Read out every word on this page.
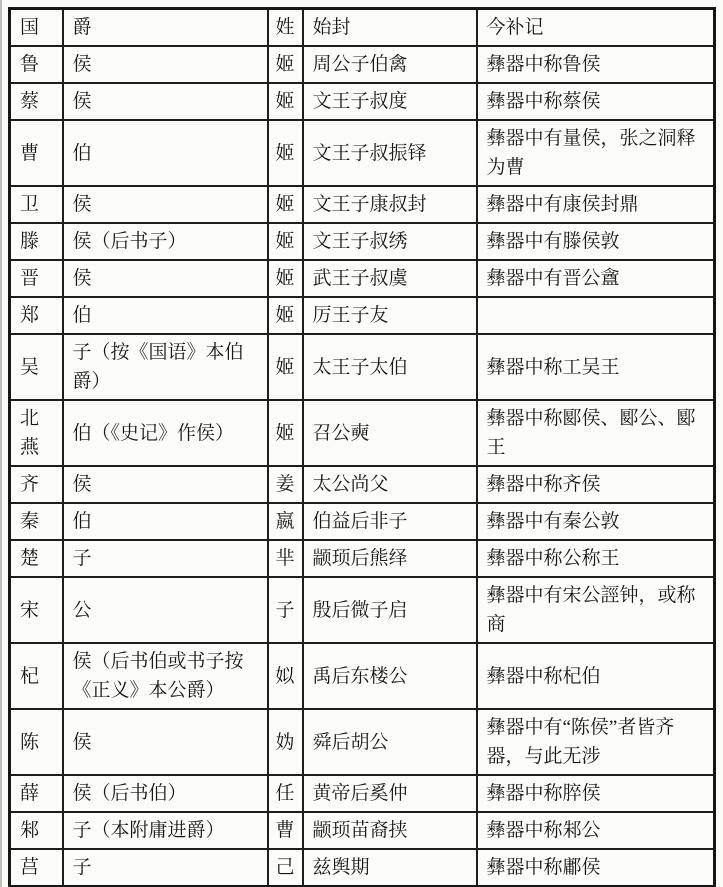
国	爵	姓	始封	今补记
鲁	侯	姬	周公子伯禽	彝器中称鲁侯
蔡	侯	姬	文王子叔度	彝器中称蔡侯
曹	伯	姬	文王子叔振铎	彝器中有量侯，张之洞释为曹
卫	侯	姬	文王子康叔封	彝器中有康侯封鼎
滕	侯（后书子）	姬	文王子叔绣	彝器中有滕侯敦
晋	侯	姬	武王子叔虞	彝器中有晋公盦
郑	伯	姬	厉王子友	
吴	子（按《国语》本伯爵）	姬	太王子太伯	彝器中称工吴王
北燕	伯（《史记》作侯）	姬	召公奭	彝器中称郾侯、郾公、郾王
齐	侯	姜	太公尚父	彝器中称齐侯
秦	伯	嬴	伯益后非子	彝器中有秦公敦
楚	子	芈	颛顼后熊绎	彝器中称公称王
宋	公	子	殷后微子启	彝器中有宋公誙钟，或称商
杞	侯（后书伯或书子按《正义》本公爵）	姒	禹后东楼公	彝器中称杞伯
陈	侯	妫	舜后胡公	彝器中有“陈侯”者皆齐器，与此无涉
薛	侯（后书伯）	任	黄帝后奚仲	彝器中称脺侯
邾	子（本附庸进爵）	曹	颛顼苗裔挟	彝器中称邾公
莒	子	己	兹舆期	彝器中称鄘侯
